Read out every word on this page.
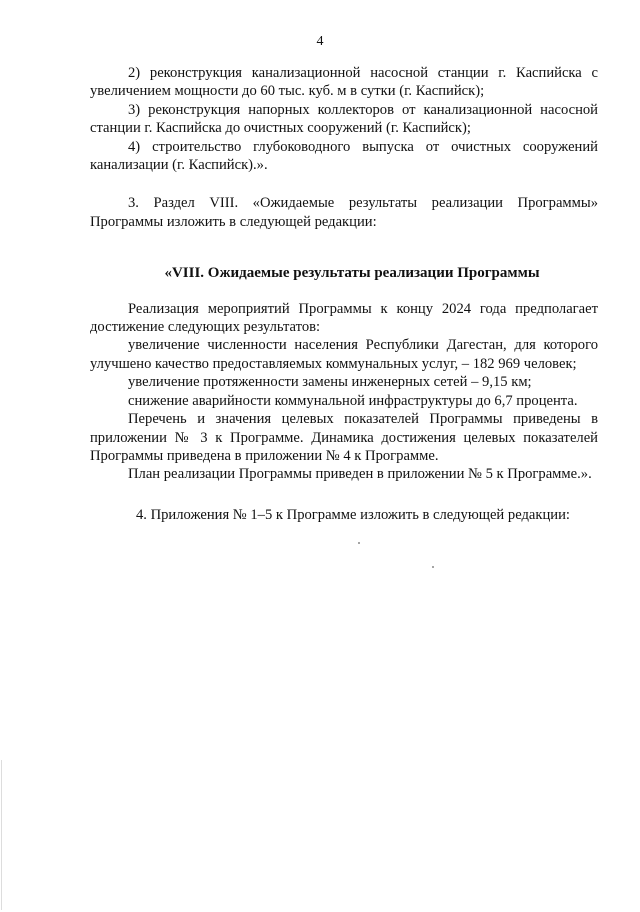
4

2) реконструкция канализационной насосной станции г. Каспийска с увеличением мощности до 60 тыс. куб. м в сутки (г. Каспийск);

3) реконструкция напорных коллекторов от канализационной насосной станции г. Каспийска до очистных сооружений (г. Каспийск);

4) строительство глубоководного выпуска от очистных сооружений канализации (г. Каспийск).».

3. Раздел VIII. «Ожидаемые результаты реализации Программы» Программы изложить в следующей редакции:

«VIII. Ожидаемые результаты реализации Программы

Реализация мероприятий Программы к концу 2024 года предполагает достижение следующих результатов:

увеличение численности населения Республики Дагестан, для которого улучшено качество предоставляемых коммунальных услуг, – 182 969 человек;

увеличение протяженности замены инженерных сетей – 9,15 км;

снижение аварийности коммунальной инфраструктуры до 6,7 процента.

Перечень и значения целевых показателей Программы приведены в приложении № 3 к Программе. Динамика достижения целевых показателей Программы приведена в приложении № 4 к Программе.

План реализации Программы приведен в приложении № 5 к Программе.».

4. Приложения № 1–5 к Программе изложить в следующей редакции:
